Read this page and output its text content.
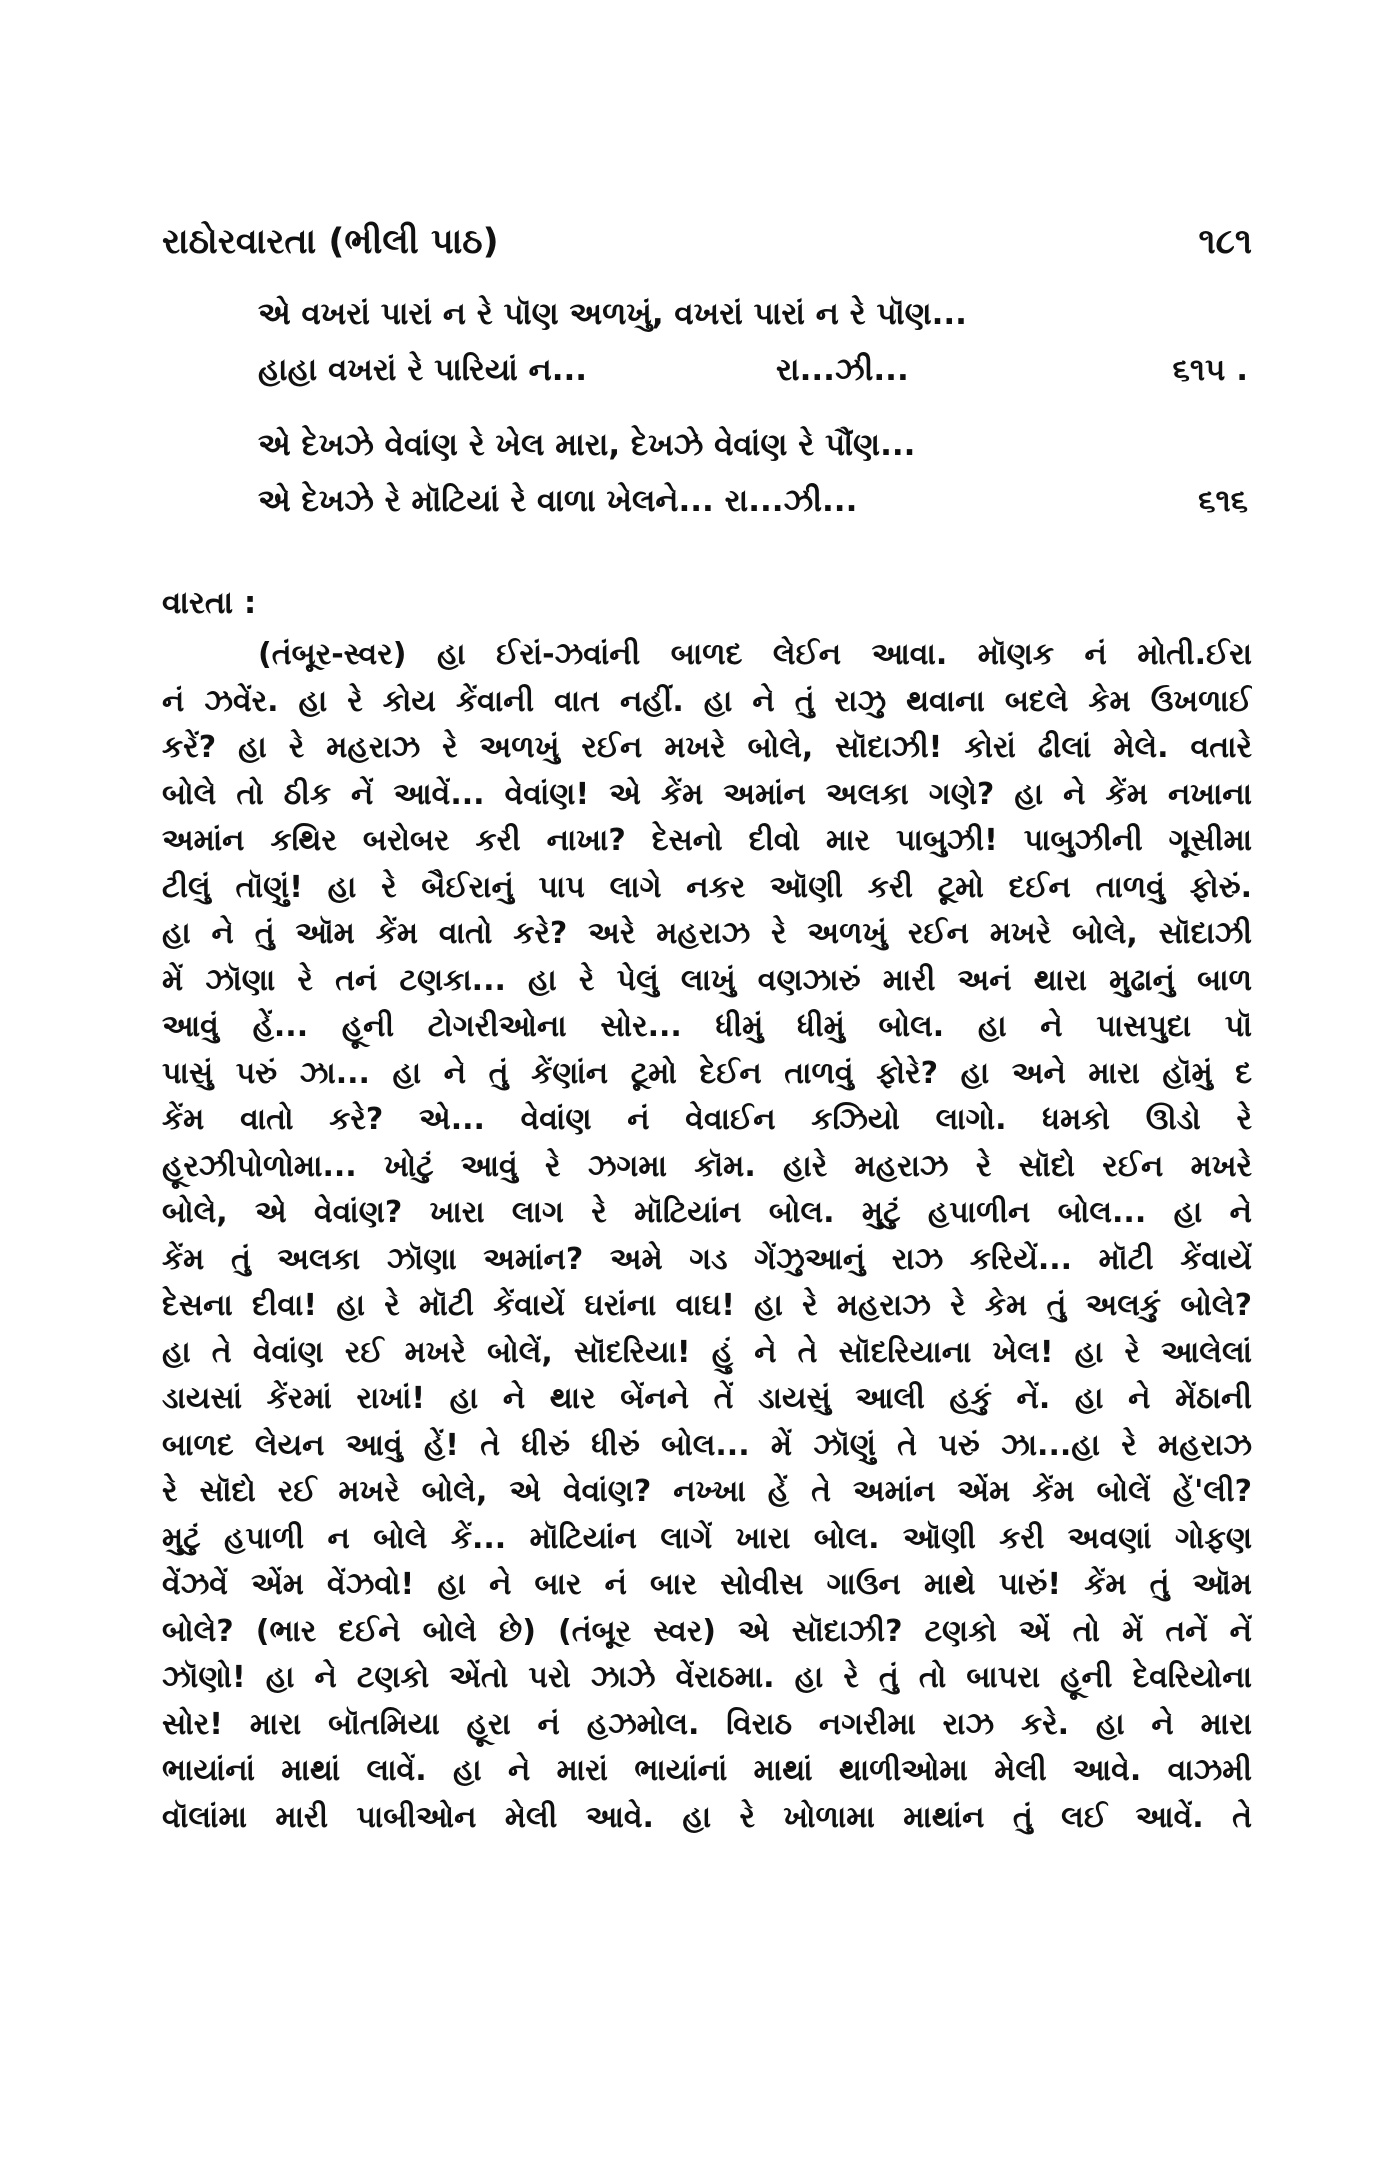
રાઠોરવારતા (ભીલી પાઠ)	૧૮૧
એ વખરાં પારાં ન રે પૉણ અળખું, વખરાં પારાં ન રે પૉણ...
હાહા વખરાં રે પારિયાં ન...	રા...ઝી...	૬૧૫ .
એ દેખઝે વેવાંણ રે ખેલ મારા, દેખઝે વેવાંણ રે પૌંણ...
એ દેખઝે રે મૉટિયાં રે વાળા ખેલને... રા...ઝી...	૬૧૬
વારતા :
(તંબૂર-સ્વર) હા ઈરાં-ઝવાંની બાળદ લેઈન આવા. મૉણક નં મોતી.ઈરા
નં ઝવેંર. હા રે કોય કેંવાની વાત નહીં. હા ને તું રાઝુ થવાના બદલે કેમ ઉખળાઈ
કરેં? હા રે મહરાઝ રે અળખું રઈન મખરે બોલે, સૉદાઝી! કોરાં ઢીલાં મેલે. વતારે
બોલે તો ઠીક નેં આવેં... વેવાંણ! એ કેંમ અમાંન અલકા ગણે? હા ને કેંમ નખાના
અમાંન કથિર બરોબર કરી નાખા? દેસનો દીવો માર પાબુઝી! પાબુઝીની ગૂસીમા
ટીલું તૉણું! હા રે બૈઈરાનું પાપ લાગે નકર ઑણી કરી ટૂમો દઈન તાળવું ફોરું.
હા ને તું ઑમ કેંમ વાતો કરે? અરે મહરાઝ રે અળખું રઈન મખરે બોલે, સૉદાઝી
મેં ઝૉણા રે તનં ટણકા... હા રે પેલું લાખું વણઝારું મારી અનં થારા મુઢાનું બાળ
આવું હેં... હૂની ટોગરીઓના સોર... ધીમું ધીમું બોલ. હા ને પાસપુદા પૉ
પાસું પરું ઝા... હા ને તું કેંણાંન ટૂમો દેઈન તાળવું ફોરે? હા અને મારા હૉમું દ
કેંમ વાતો કરે? એ... વેવાંણ નં વેવાઈન કઝિયો લાગો. ધમકો ઊડો રે
હૂરઝીપોળોમા... ખોટું આવું રે ઝગમા કૉમ. હારે મહરાઝ રે સૉદો રઈન મખરે
બોલે, એ વેવાંણ? ખારા લાગ રે મૉટિયાંન બોલ. મુટું હપાળીન બોલ... હા ને
કેંમ તું અલકા ઝૉણા અમાંન? અમે ગડ ગેંઝુઆનું રાઝ કરિયેં... મૉટી કેંવાયેં
દેસના દીવા! હા રે મૉટી કેંવાયેં ઘરાંના વાઘ! હા રે મહરાઝ રે કેમ તું અલકું બોલે?
હા તે વેવાંણ રઈ મખરે બોલેં, સૉદરિયા! હું ને તે સૉદરિયાના ખેલ! હા રે આલેલાં
ડાયસાં કેંરમાં રાખાં! હા ને થાર બેંનને તેં ડાયસું આલી હકું નેં. હા ને મેંઠાની
બાળદ લેયન આવું હેં! તે ધીરું ધીરું બોલ... મેં ઝૉણું તે પરું ઝા...હા રે મહરાઝ
રે સૉદો રઈ મખરે બોલે, એ વેવાંણ? નખ્ખા હેં તે અમાંન એંમ કેંમ બોલેં હેં'લી?
મુટું હપાળી ન બોલે કેં... મૉટિયાંન લાગેં ખારા બોલ. ઑણી કરી અવણાં ગોફણ
વેંઝવેં એંમ વેંઝવો! હા ને બાર નં બાર સોવીસ ગાઉન માથે પારું! કેંમ તું ઑમ
બોલે? (ભાર દઈને બોલે છે) (તંબૂર સ્વર) એ સૉદાઝી? ટણકો એં તો મેં તનેં નેં
ઝૉણો! હા ને ટણકો એંતો પરો ઝાઝે વેંરાઠમા. હા રે તું તો બાપરા હૂની દેવરિયોના
સોર! મારા બૉતમિયા હૂરા નં હઝમોલ. વિરાઠ નગરીમા રાઝ કરે. હા ને મારા
ભાયાંનાં માથાં લાવેં. હા ને મારાં ભાયાંનાં માથાં થાળીઓમા મેલી આવે. વાઝમી
વૉલાંમા મારી પાબીઓન મેલી આવે. હા રે ખોળામા માથાંન તું લઈ આવેં. તે
